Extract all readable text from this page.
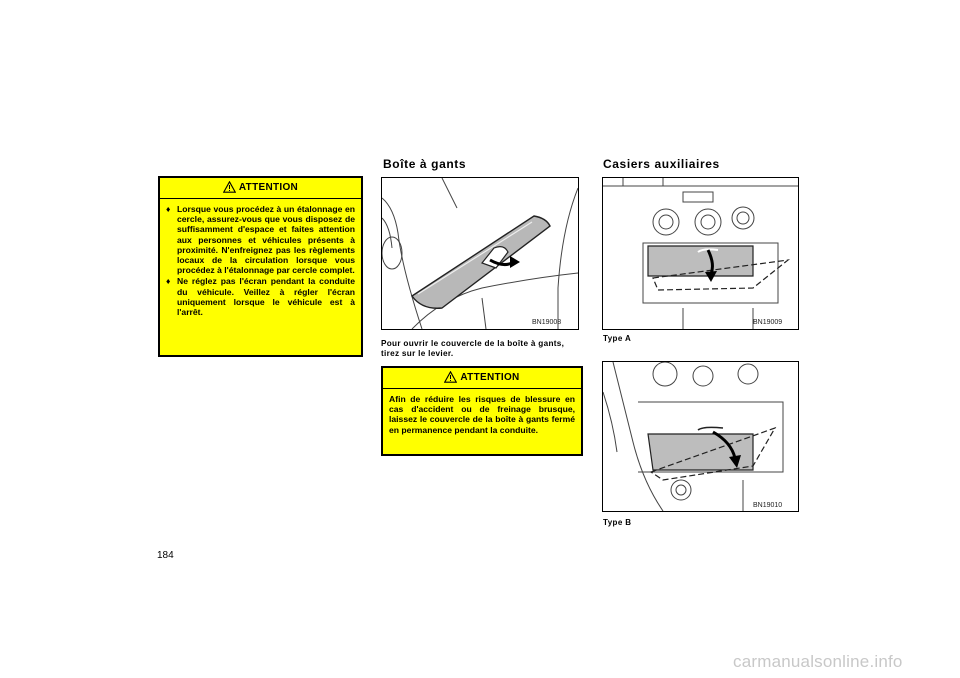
ATTENTION
♦ Lorsque vous procédez à un étalonnage en cercle, assurez-vous que vous disposez de suffisamment d'espace et faites attention aux personnes et véhicules présents à proximité. N'enfreignez pas les règlements locaux de la circulation lorsque vous procédez à l'étalonnage par cercle complet.
♦ Ne réglez pas l'écran pendant la conduite du véhicule. Veillez à régler l'écran uniquement lorsque le véhicule est à l'arrêt.
Boîte à gants
BN19008
Pour ouvrir le couvercle de la boîte à gants, tirez sur le levier.
ATTENTION
Afin de réduire les risques de blessure en cas d'accident ou de freinage brusque, laissez le couvercle de la boîte à gants fermé en permanence pendant la conduite.
Casiers auxiliaires
BN19009
Type A
BN19010
Type B
184
carmanualsonline.info
